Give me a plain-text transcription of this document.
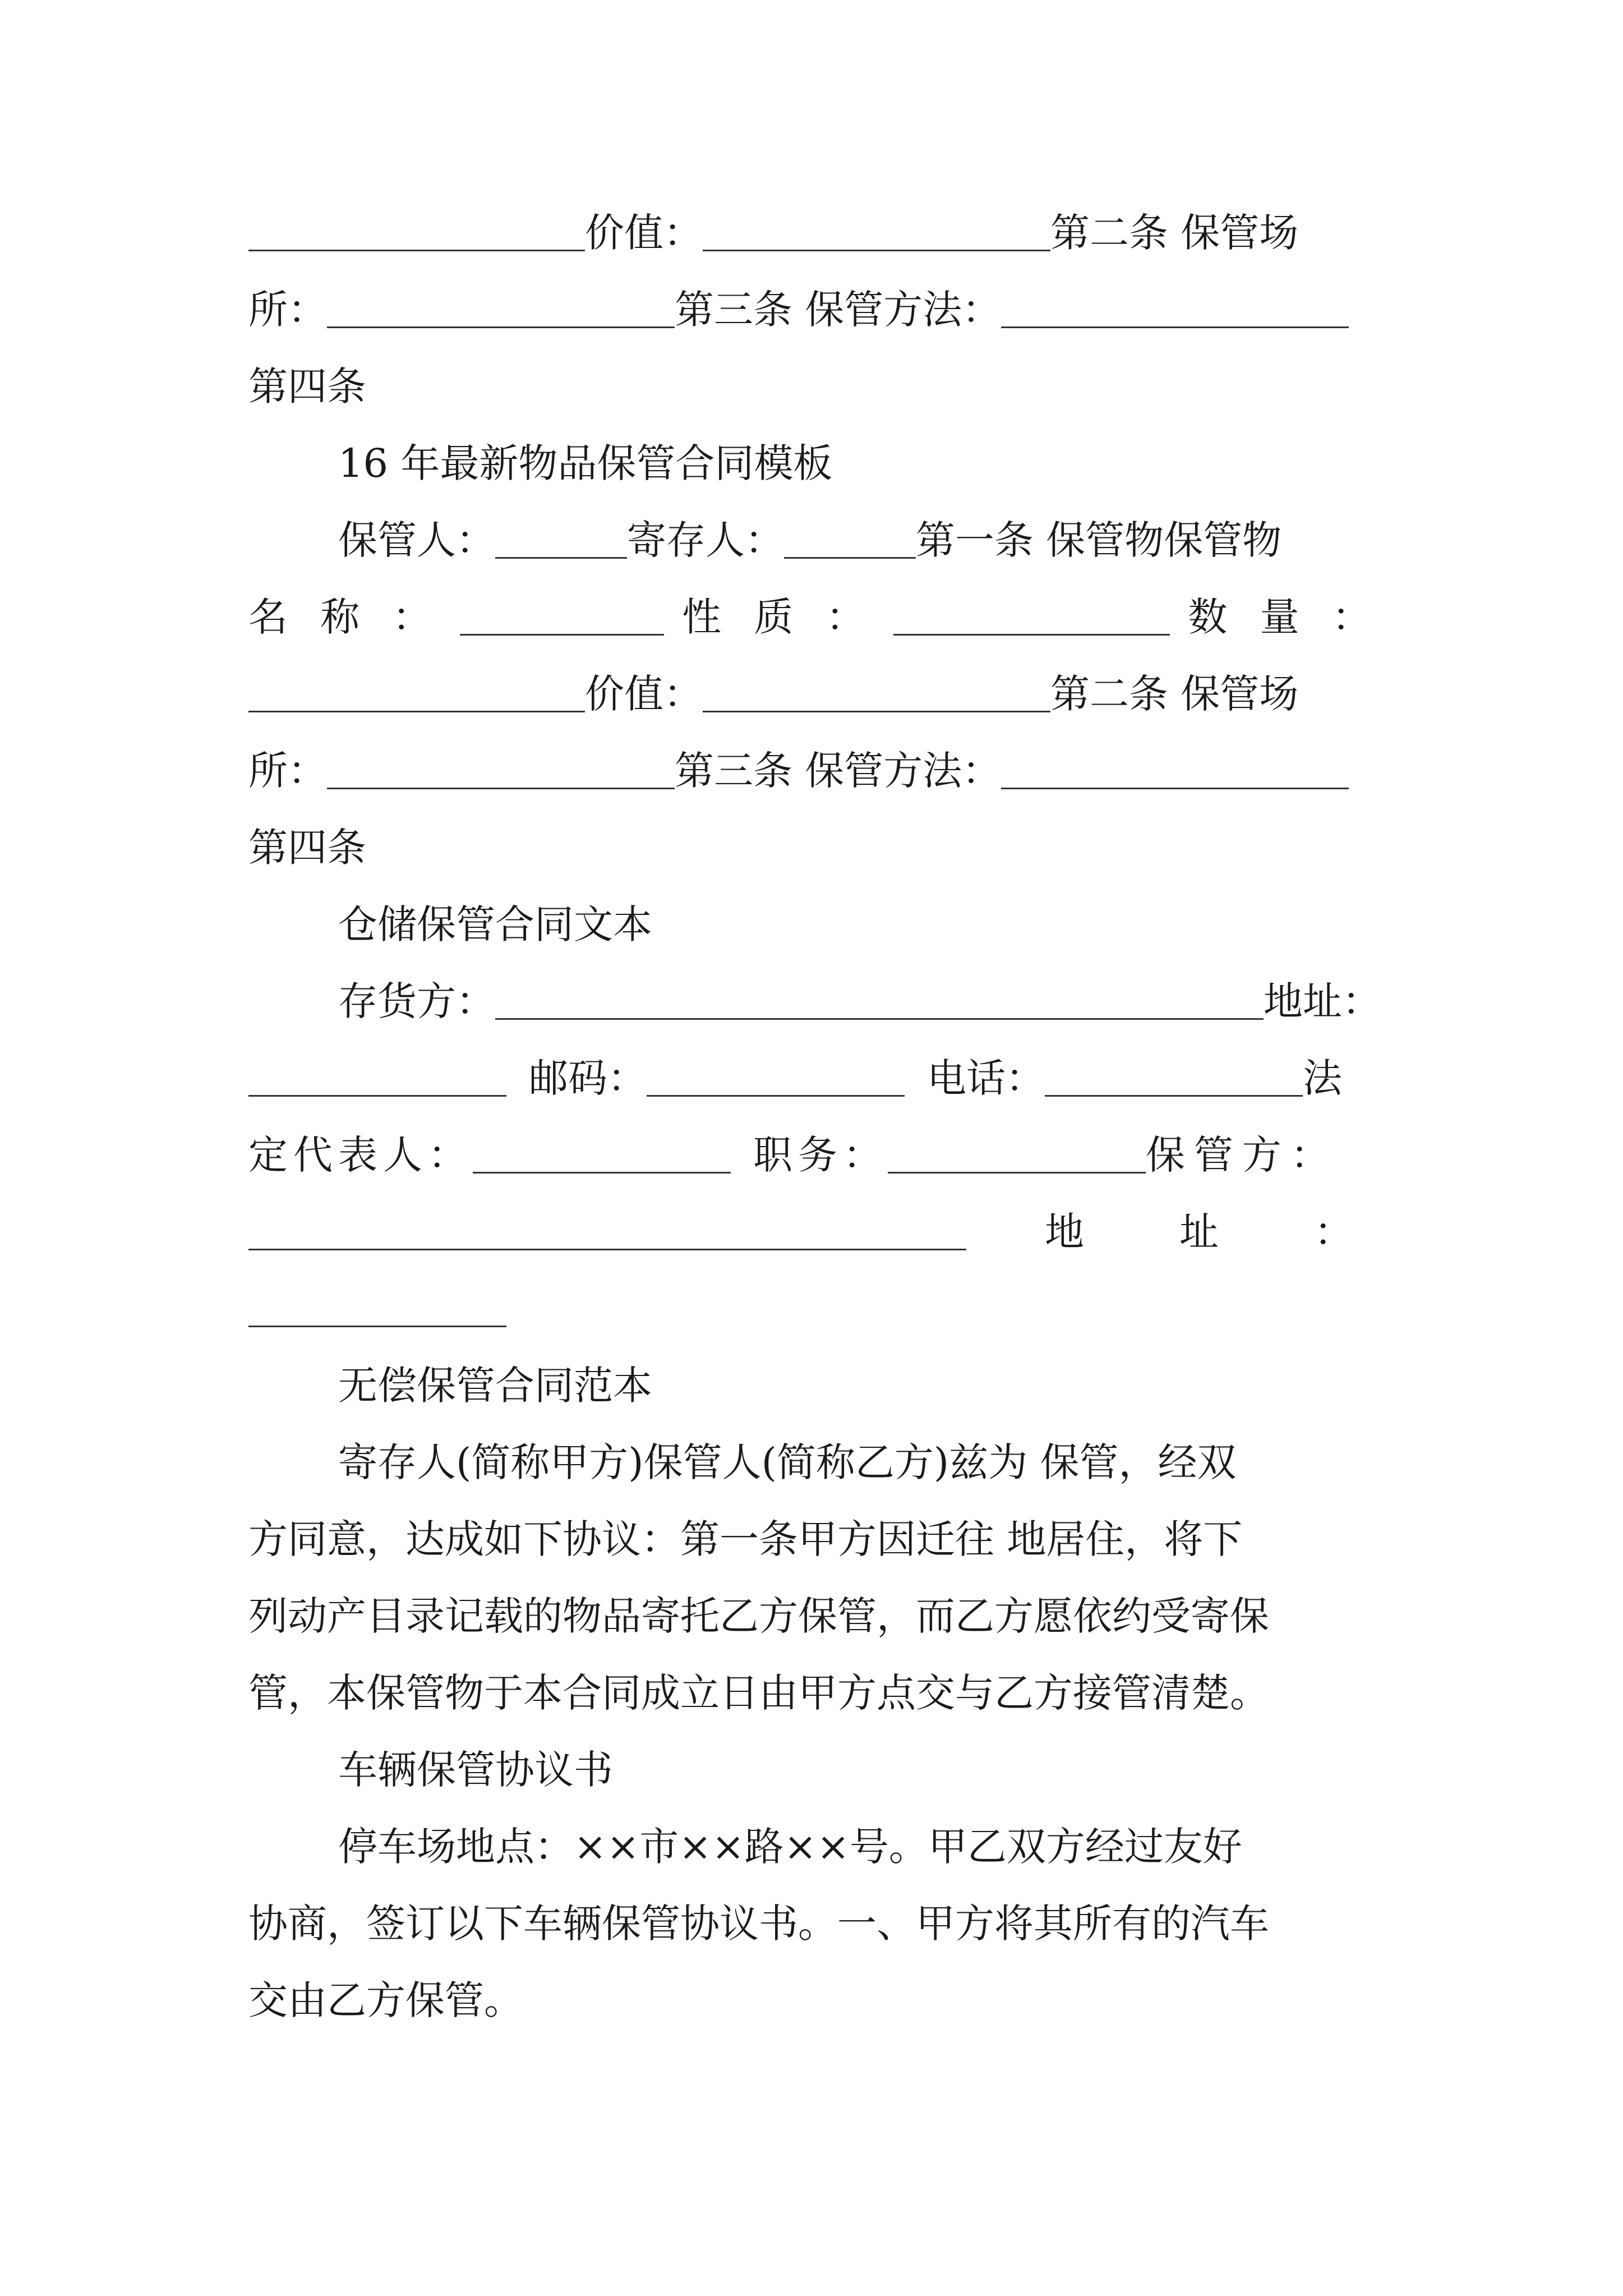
价值：	第二条 保管场
所：	第三条 保管方法：
第四条
16 年最新物品保管合同模板
保管人：	寄存人：	第一条 保管物保管物
名 称 ：	性 质 ：	数 量 ：
价值：	第二条 保管场
所：	第三条 保管方法：
第四条
仓储保管合同文本
存货方：	地址：
邮码：	电话：	法
定代表人：	职务：	保管方：
地　址　：
无偿保管合同范本
寄存人(简称甲方)保管人(简称乙方)兹为 保管，经双
方同意，达成如下协议：第一条甲方因迁往 地居住，将下
列动产目录记载的物品寄托乙方保管，而乙方愿依约受寄保
管，本保管物于本合同成立日由甲方点交与乙方接管清楚。
车辆保管协议书
停车场地点：××市××路××号。甲乙双方经过友好
协商，签订以下车辆保管协议书。一、甲方将其所有的汽车
交由乙方保管。
